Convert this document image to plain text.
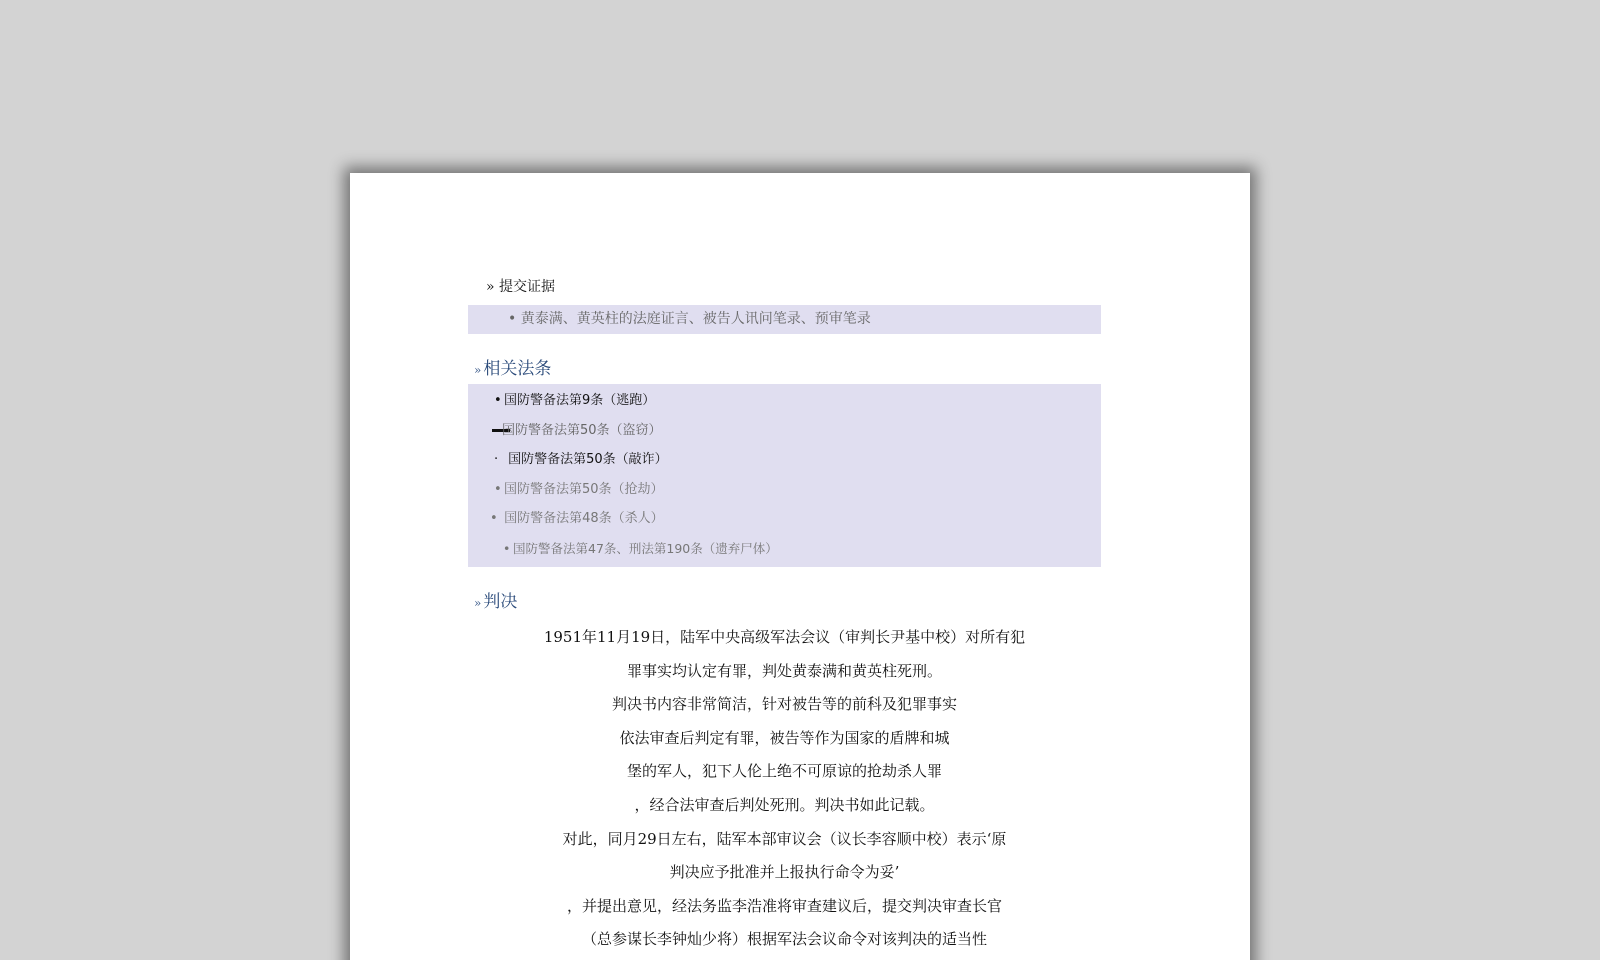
» 提交证据
• 黄泰满、黄英柱的法庭证言、被告人讯问笔录、预审笔录
» 相关法条
• 国防警备法第9条（逃跑）
国防警备法第50条（盗窃）
· 国防警备法第50条（敲诈）
• 国防警备法第50条（抢劫）
• 国防警备法第48条（杀人）
• 国防警备法第47条、刑法第190条（遗弃尸体）
» 判决
1951年11月19日，陆军中央高级军法会议（审判长尹基中校）对所有犯
罪事实均认定有罪，判处黄泰满和黄英柱死刑。
判决书内容非常简洁，针对被告等的前科及犯罪事实
依法审查后判定有罪，被告等作为国家的盾牌和城
堡的军人，犯下人伦上绝不可原谅的抢劫杀人罪
，经合法审查后判处死刑。判决书如此记载。
对此，同月29日左右，陆军本部审议会（议长李容顺中校）表示‘原
判决应予批准并上报执行命令为妥’
，并提出意见，经法务监李浩准将审查建议后，提交判决审查长官
（总参谋长李钟灿少将）根据军法会议命令对该判决的适当性
